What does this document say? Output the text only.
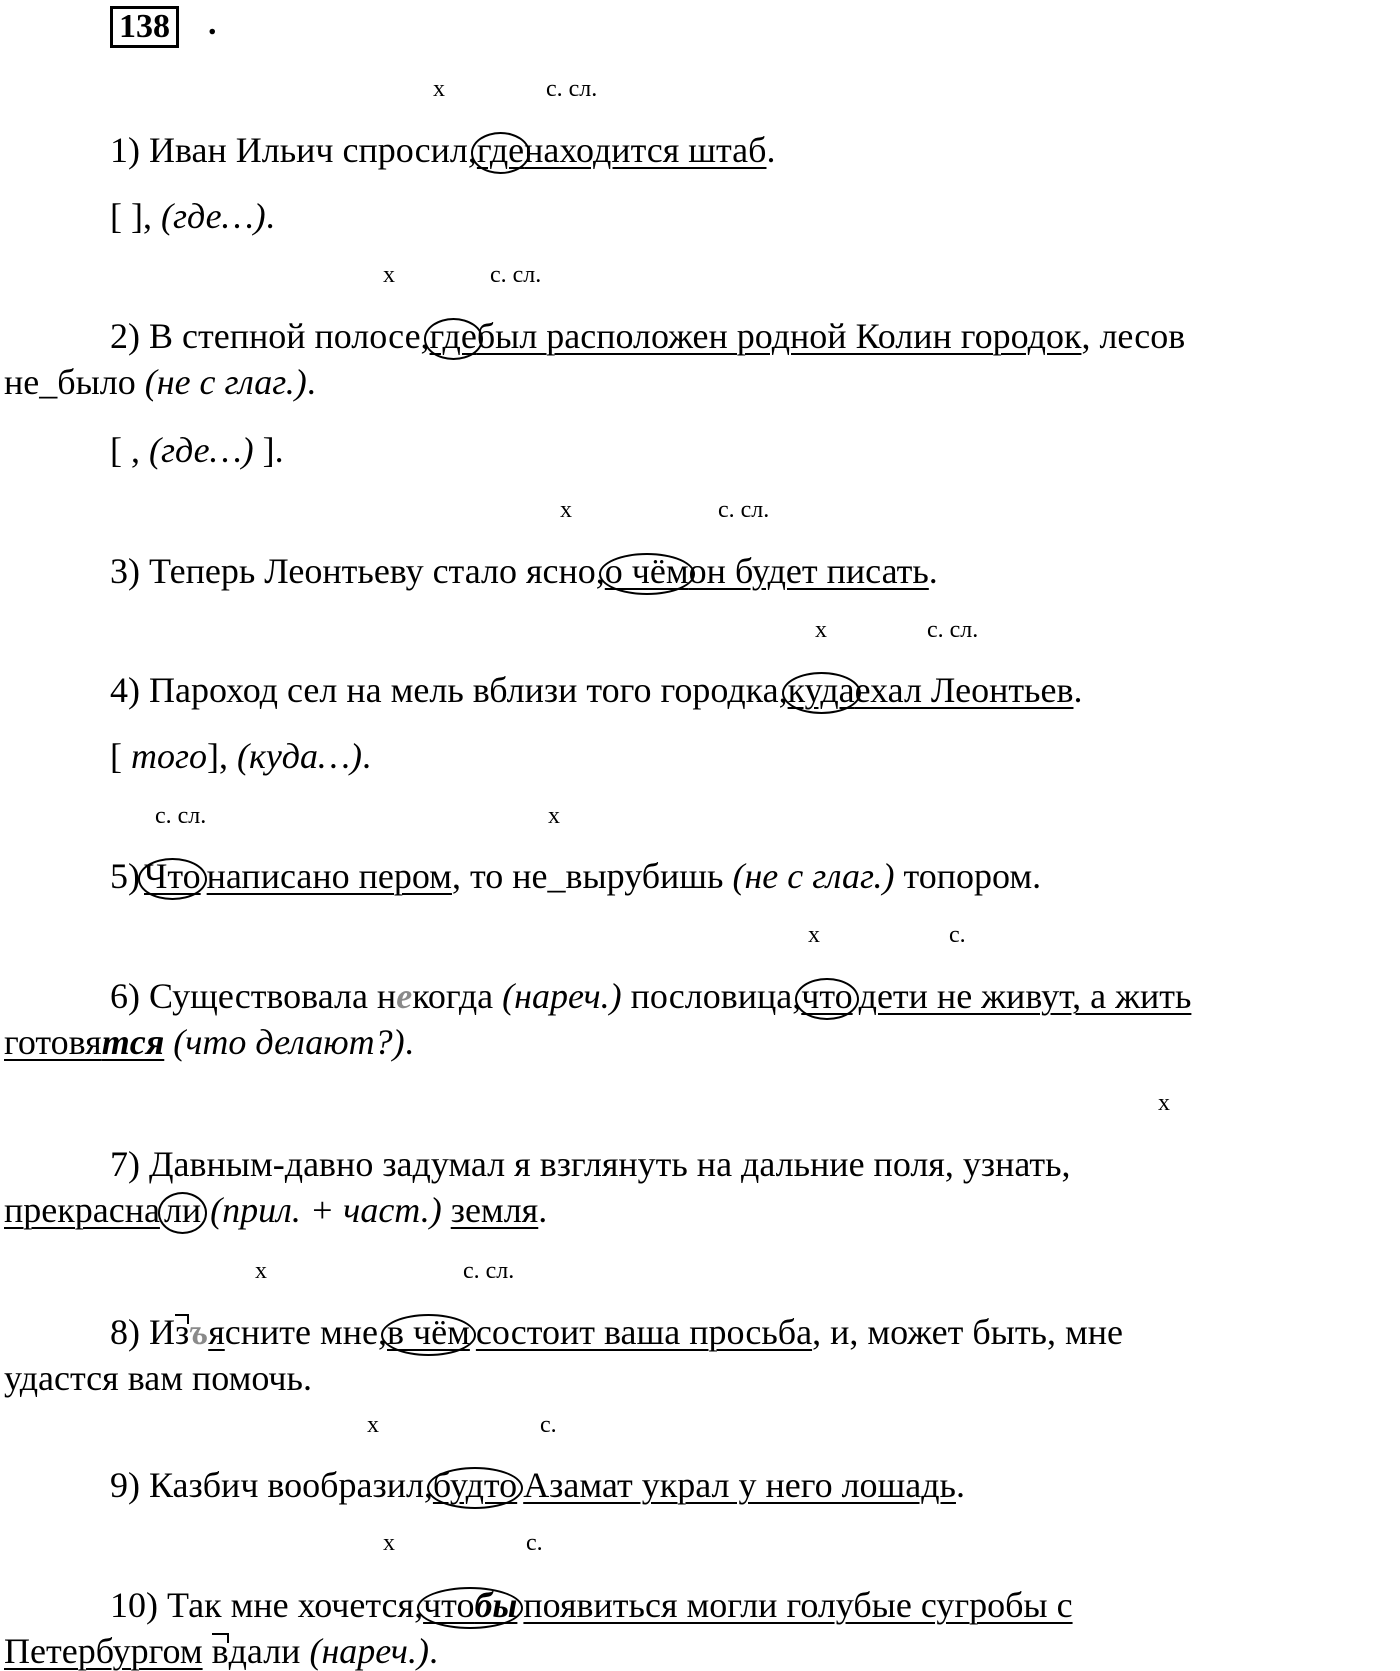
138 .
х	с. сл.
1) Иван Ильич спросил,гденаходится штаб.
[ ], (где…).
х	с. сл.
2) В степной полосе,гдебыл расположен родной Колин городок, лесов
не_было (не с глаг.).
[ , (где…) ].
х	с. сл.
3) Теперь Леонтьеву стало ясно,о чёмон будет писать.
х	с. сл.
4) Пароход сел на мель вблизи того городка,кудаехал Леонтьев.
[ того], (куда…).
с. сл.	х
5) Что написано пером, то не_вырубишь (не с глаг.) топором.
х	с.
6) Существовала некогда (нареч.) пословица,что дети не живут, а жить
готовятся (что делают?).
х
7) Давным-давно задумал я взглянуть на дальние поля, узнать,
прекрасна ли (прил. + част.) земля.
х	с. сл.
8) Изъясните мне,в чём состоит ваша просьба, и, может быть, мне
удастся вам помочь.
х	с.
9) Казбич вообразил,будто Азамат украл у него лошадь.
х	с.
10) Так мне хочется,чтобы появиться могли голубые сугробы с
Петербургом вдали (нареч.).
